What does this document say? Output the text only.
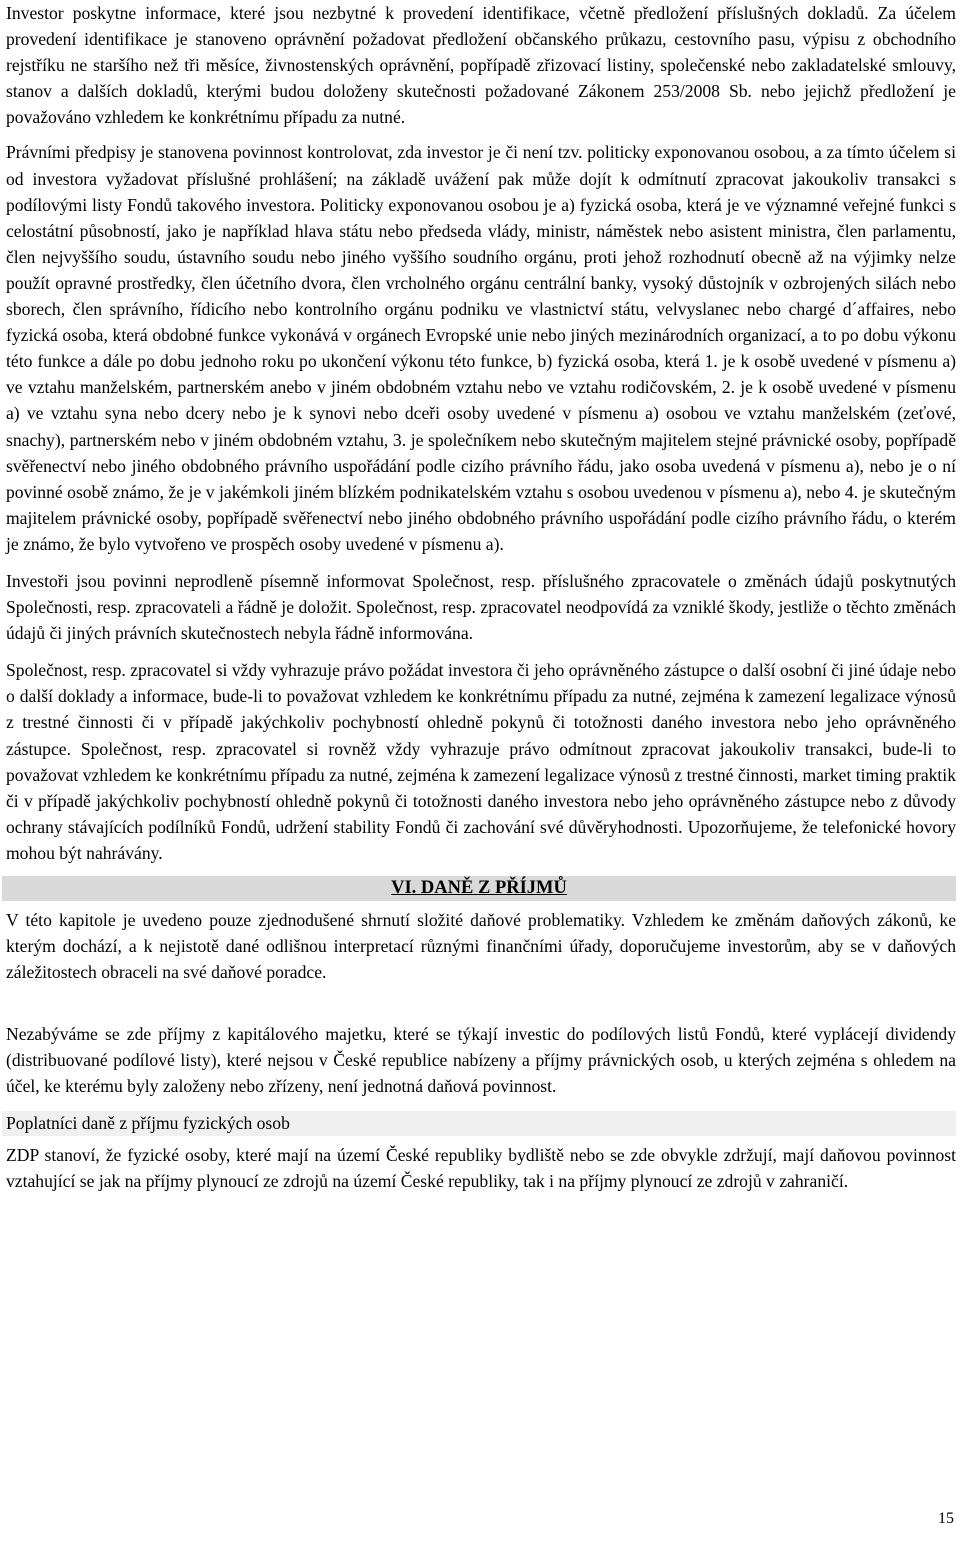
Investor poskytne informace, které jsou nezbytné k provedení identifikace, včetně předložení příslušných dokladů. Za účelem provedení identifikace je stanoveno oprávnění požadovat předložení občanského průkazu, cestovního pasu, výpisu z obchodního rejstříku ne staršího než tři měsíce, živnostenských oprávnění, popřípadě zřizovací listiny, společenské nebo zakladatelské smlouvy, stanov a dalších dokladů, kterými budou doloženy skutečnosti požadované Zákonem 253/2008 Sb. nebo jejichž předložení je považováno vzhledem ke konkrétnímu případu za nutné.

Právními předpisy je stanovena povinnost kontrolovat, zda investor je či není tzv. politicky exponovanou osobou, a za tímto účelem si od investora vyžadovat příslušné prohlášení; na základě uvážení pak může dojít k odmítnutí zpracovat jakoukoliv transakci s podílovými listy Fondů takového investora. Politicky exponovanou osobou je a) fyzická osoba, která je ve významné veřejné funkci s celostátní působností, jako je například hlava státu nebo předseda vlády, ministr, náměstek nebo asistent ministra, člen parlamentu, člen nejvyššího soudu, ústavního soudu nebo jiného vyššího soudního orgánu, proti jehož rozhodnutí obecně až na výjimky nelze použít opravné prostředky, člen účetního dvora, člen vrcholného orgánu centrální banky, vysoký důstojník v ozbrojených silách nebo sborech, člen správního, řídicího nebo kontrolního orgánu podniku ve vlastnictví státu, velvyslanec nebo chargé d´affaires, nebo fyzická osoba, která obdobné funkce vykonává v orgánech Evropské unie nebo jiných mezinárodních organizací, a to po dobu výkonu této funkce a dále po dobu jednoho roku po ukončení výkonu této funkce, b) fyzická osoba, která 1. je k osobě uvedené v písmenu a) ve vztahu manželském, partnerském anebo v jiném obdobném vztahu nebo ve vztahu rodičovském, 2. je k osobě uvedené v písmenu a) ve vztahu syna nebo dcery nebo je k synovi nebo dceři osoby uvedené v písmenu a) osobou ve vztahu manželském (zeťové, snachy), partnerském nebo v jiném obdobném vztahu, 3. je společníkem nebo skutečným majitelem stejné právnické osoby, popřípadě svěřenectví nebo jiného obdobného právního uspořádání podle cizího právního řádu, jako osoba uvedená v písmenu a), nebo je o ní povinné osobě známo, že je v jakémkoli jiném blízkém podnikatelském vztahu s osobou uvedenou v písmenu a), nebo 4. je skutečným majitelem právnické osoby, popřípadě svěřenectví nebo jiného obdobného právního uspořádání podle cizího právního řádu, o kterém je známo, že bylo vytvořeno ve prospěch osoby uvedené v písmenu a).

Investoři jsou povinni neprodleně písemně informovat Společnost, resp. příslušného zpracovatele o změnách údajů poskytnutých Společnosti, resp. zpracovateli a řádně je doložit. Společnost, resp. zpracovatel neodpovídá za vzniklé škody, jestliže o těchto změnách údajů či jiných právních skutečnostech nebyla řádně informována.

Společnost, resp. zpracovatel si vždy vyhrazuje právo požádat investora či jeho oprávněného zástupce o další osobní či jiné údaje nebo o další doklady a informace, bude-li to považovat vzhledem ke konkrétnímu případu za nutné, zejména k zamezení legalizace výnosů z trestné činnosti či v případě jakýchkoliv pochybností ohledně pokynů či totožnosti daného investora nebo jeho oprávněného zástupce. Společnost, resp. zpracovatel si rovněž vždy vyhrazuje právo odmítnout zpracovat jakoukoliv transakci, bude-li to považovat vzhledem ke konkrétnímu případu za nutné, zejména k zamezení legalizace výnosů z trestné činnosti, market timing praktik či v případě jakýchkoliv pochybností ohledně pokynů či totožnosti daného investora nebo jeho oprávněného zástupce nebo z důvody ochrany stávajících podílníků Fondů, udržení stability Fondů či zachování své důvěryhodnosti. Upozorňujeme, že telefonické hovory mohou být nahrávány.

VI. DANĚ Z PŘÍJMŮ

V této kapitole je uvedeno pouze zjednodušené shrnutí složité daňové problematiky. Vzhledem ke změnám daňových zákonů, ke kterým dochází, a k nejistotě dané odlišnou interpretací různými finančními úřady, doporučujeme investorům, aby se v daňových záležitostech obraceli na své daňové poradce.

Nezabýváme se zde příjmy z kapitálového majetku, které se týkají investic do podílových listů Fondů, které vyplácejí dividendy (distribuované podílové listy), které nejsou v České republice nabízeny a příjmy právnických osob, u kterých zejména s ohledem na účel, ke kterému byly založeny nebo zřízeny, není jednotná daňová povinnost.

Poplatníci daně z příjmu fyzických osob

ZDP stanoví, že fyzické osoby, které mají na území České republiky bydliště nebo se zde obvykle zdržují, mají daňovou povinnost vztahující se jak na příjmy plynoucí ze zdrojů na území České republiky, tak i na příjmy plynoucí ze zdrojů v zahraničí.

15
